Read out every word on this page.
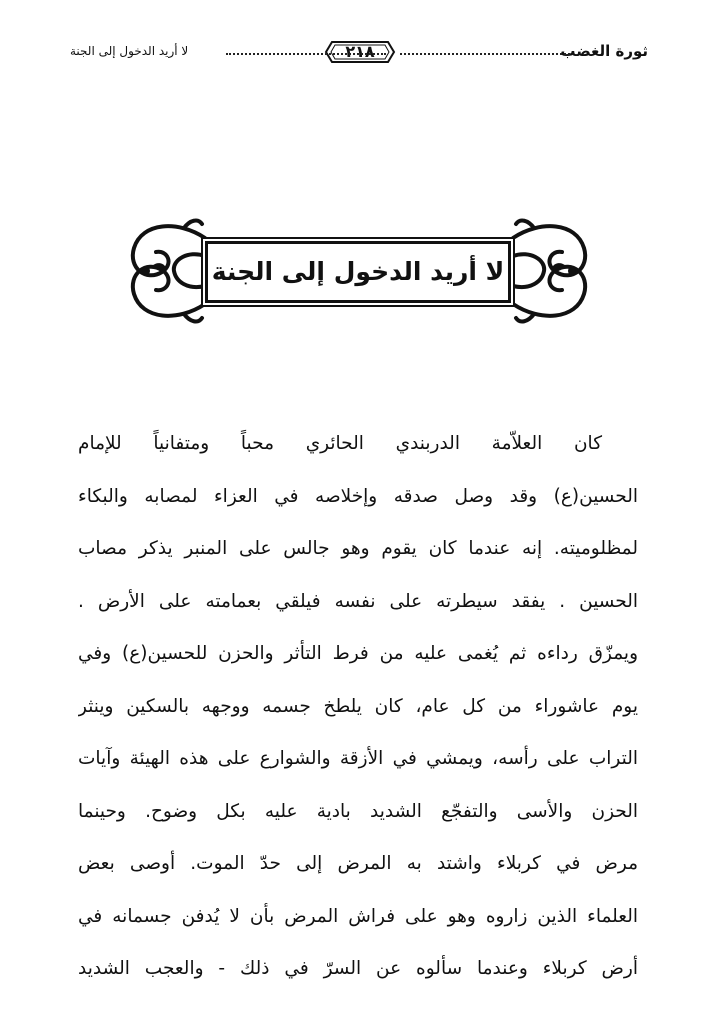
ثورة الغضب
٢١٨
لا أريد الدخول إلى الجنة
لا أريد الدخول إلى الجنة
كان العلاّمة الدربندي الحائري محباً ومتفانياً للإمام
الحسين(ع) وقد وصل صدقه وإخلاصه في العزاء لمصابه والبكاء
لمظلوميته. إنه عندما كان يقوم وهو جالس على المنبر يذكر مصاب
الحسين . يفقد سيطرته على نفسه فيلقي بعمامته على الأرض .
ويمزّق رداءه ثم يُغمى عليه من فرط التأثر والحزن للحسين(ع) وفي
يوم عاشوراء من كل عام، كان يلطخ جسمه ووجهه بالسكين وينثر
التراب على رأسه، ويمشي في الأزقة والشوارع على هذه الهيئة وآيات
الحزن والأسى والتفجّع الشديد بادية عليه بكل وضوح. وحينما
مرض في كربلاء واشتد به المرض إلى حدّ الموت. أوصى بعض
العلماء الذين زاروه وهو على فراش المرض بأن لا يُدفن جسمانه في
أرض كربلاء وعندما سألوه عن السرّ في ذلك - والعجب الشديد
